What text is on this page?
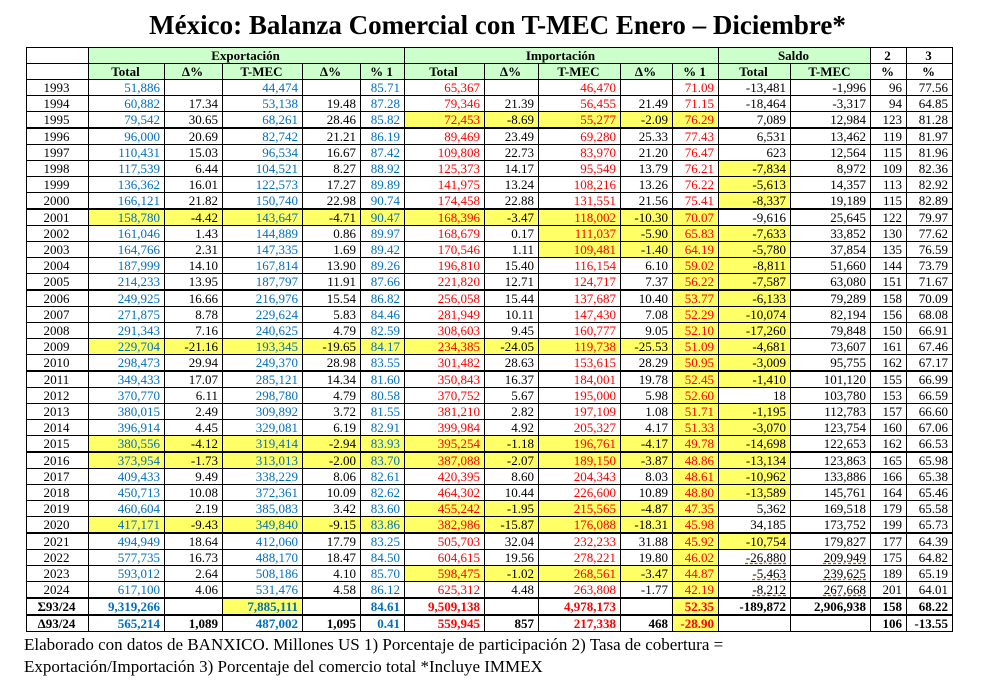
México: Balanza Comercial con T-MEC Enero – Diciembre*
	Exportación					Importación					Saldo		2	3
	Total	Δ%	T-MEC	Δ%	% 1	Total	Δ%	T-MEC	Δ%	% 1	Total	T-MEC	%	%
1993	51,886		44,474		85.71	65,367		46,470		71.09	-13,481	-1,996	96	77.56
1994	60,882	17.34	53,138	19.48	87.28	79,346	21.39	56,455	21.49	71.15	-18,464	-3,317	94	64.85
1995	79,542	30.65	68,261	28.46	85.82	72,453	-8.69	55,277	-2.09	76.29	7,089	12,984	123	81.28
1996	96,000	20.69	82,742	21.21	86.19	89,469	23.49	69,280	25.33	77.43	6,531	13,462	119	81.97
1997	110,431	15.03	96,534	16.67	87.42	109,808	22.73	83,970	21.20	76.47	623	12,564	115	81.96
1998	117,539	6.44	104,521	8.27	88.92	125,373	14.17	95,549	13.79	76.21	-7,834	8,972	109	82.36
1999	136,362	16.01	122,573	17.27	89.89	141,975	13.24	108,216	13.26	76.22	-5,613	14,357	113	82.92
2000	166,121	21.82	150,740	22.98	90.74	174,458	22.88	131,551	21.56	75.41	-8,337	19,189	115	82.89
2001	158,780	-4.42	143,647	-4.71	90.47	168,396	-3.47	118,002	-10.30	70.07	-9,616	25,645	122	79.97
2002	161,046	1.43	144,889	0.86	89.97	168,679	0.17	111,037	-5.90	65.83	-7,633	33,852	130	77.62
2003	164,766	2.31	147,335	1.69	89.42	170,546	1.11	109,481	-1.40	64.19	-5,780	37,854	135	76.59
2004	187,999	14.10	167,814	13.90	89.26	196,810	15.40	116,154	6.10	59.02	-8,811	51,660	144	73.79
2005	214,233	13.95	187,797	11.91	87.66	221,820	12.71	124,717	7.37	56.22	-7,587	63,080	151	71.67
2006	249,925	16.66	216,976	15.54	86.82	256,058	15.44	137,687	10.40	53.77	-6,133	79,289	158	70.09
2007	271,875	8.78	229,624	5.83	84.46	281,949	10.11	147,430	7.08	52.29	-10,074	82,194	156	68.08
2008	291,343	7.16	240,625	4.79	82.59	308,603	9.45	160,777	9.05	52.10	-17,260	79,848	150	66.91
2009	229,704	-21.16	193,345	-19.65	84.17	234,385	-24.05	119,738	-25.53	51.09	-4,681	73,607	161	67.46
2010	298,473	29.94	249,370	28.98	83.55	301,482	28.63	153,615	28.29	50.95	-3,009	95,755	162	67.17
2011	349,433	17.07	285,121	14.34	81.60	350,843	16.37	184,001	19.78	52.45	-1,410	101,120	155	66.99
2012	370,770	6.11	298,780	4.79	80.58	370,752	5.67	195,000	5.98	52.60	18	103,780	153	66.59
2013	380,015	2.49	309,892	3.72	81.55	381,210	2.82	197,109	1.08	51.71	-1,195	112,783	157	66.60
2014	396,914	4.45	329,081	6.19	82.91	399,984	4.92	205,327	4.17	51.33	-3,070	123,754	160	67.06
2015	380,556	-4.12	319,414	-2.94	83.93	395,254	-1.18	196,761	-4.17	49.78	-14,698	122,653	162	66.53
2016	373,954	-1.73	313,013	-2.00	83.70	387,088	-2.07	189,150	-3.87	48.86	-13,134	123,863	165	65.98
2017	409,433	9.49	338,229	8.06	82.61	420,395	8.60	204,343	8.03	48.61	-10,962	133,886	166	65.38
2018	450,713	10.08	372,361	10.09	82.62	464,302	10.44	226,600	10.89	48.80	-13,589	145,761	164	65.46
2019	460,604	2.19	385,083	3.42	83.60	455,242	-1.95	215,565	-4.87	47.35	5,362	169,518	179	65.58
2020	417,171	-9.43	349,840	-9.15	83.86	382,986	-15.87	176,088	-18.31	45.98	34,185	173,752	199	65.73
2021	494,949	18.64	412,060	17.79	83.25	505,703	32.04	232,233	31.88	45.92	-10,754	179,827	177	64.39
2022	577,735	16.73	488,170	18.47	84.50	604,615	19.56	278,221	19.80	46.02	-26,880	209,949	175	64.82
2023	593,012	2.64	508,186	4.10	85.70	598,475	-1.02	268,561	-3.47	44.87	-5,463	239,625	189	65.19
2024	617,100	4.06	531,476	4.58	86.12	625,312	4.48	263,808	-1.77	42.19	-8,212	267,668	201	64.01
Σ93/24	9,319,266		7,885,111		84.61	9,509,138		4,978,173		52.35	-189,872	2,906,938	158	68.22
Δ93/24	565,214	1,089	487,002	1,095	0.41	559,945	857	217,338	468	-28.90			106	-13.55
Elaborado con datos de BANXICO. Millones US 1) Porcentaje de participación 2) Tasa de cobertura =
Exportación/Importación 3) Porcentaje del comercio total *Incluye IMMEX
